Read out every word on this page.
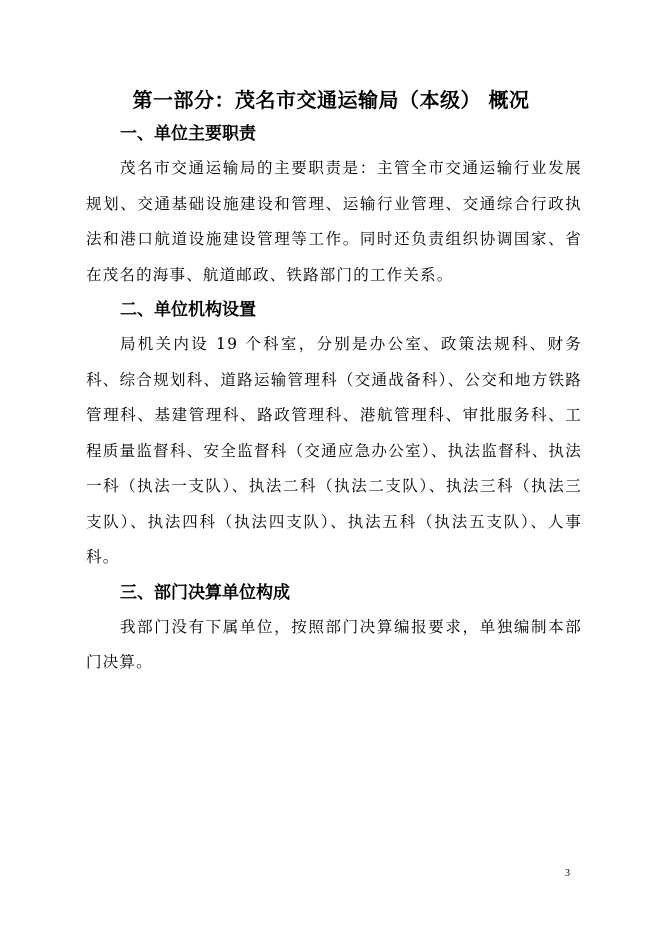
第一部分：茂名市交通运输局（本级） 概况

一、单位主要职责

茂名市交通运输局的主要职责是：主管全市交通运输行业发展规划、交通基础设施建设和管理、运输行业管理、交通综合行政执法和港口航道设施建设管理等工作。同时还负责组织协调国家、省在茂名的海事、航道邮政、铁路部门的工作关系。

二、单位机构设置

局机关内设 19 个科室，分别是办公室、政策法规科、财务科、综合规划科、道路运输管理科（交通战备科）、公交和地方铁路管理科、基建管理科、路政管理科、港航管理科、审批服务科、工程质量监督科、安全监督科（交通应急办公室）、执法监督科、执法一科（执法一支队）、执法二科（执法二支队）、执法三科（执法三支队）、执法四科（执法四支队）、执法五科（执法五支队）、人事科。

三、部门决算单位构成

我部门没有下属单位，按照部门决算编报要求，单独编制本部门决算。

3
